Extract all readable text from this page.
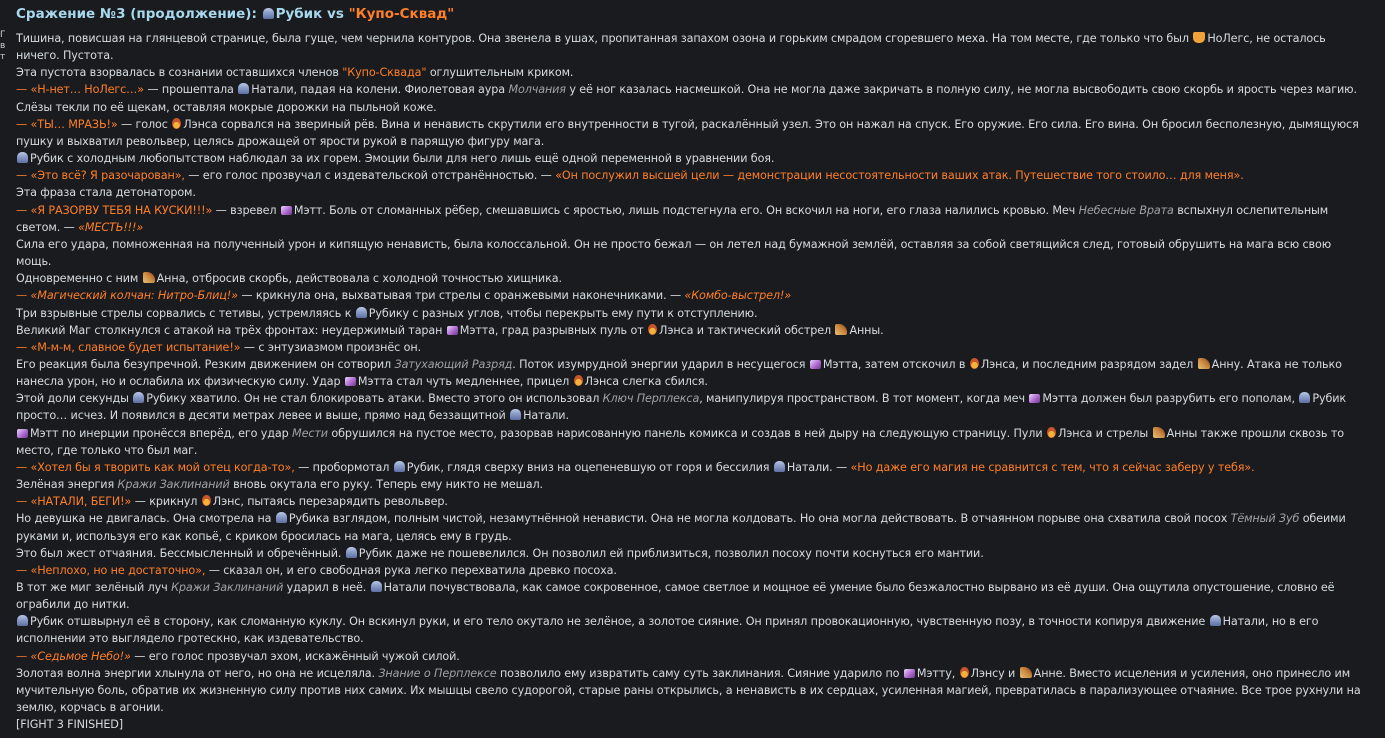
Г
в
т
Сражение №3 (продолжение): Рубик vs "Купо-Сквад"

Тишина, повисшая на глянцевой странице, была гуще, чем чернила контуров. Она звенела в ушах, пропитанная запахом озона и горьким смрадом сгоревшего меха. На том месте, где только что был НоЛегс, не осталось ничего. Пустота.

Эта пустота взорвалась в сознании оставшихся членов "Купо-Сквада" оглушительным криком.

— «Н-нет… НоЛегс…» — прошептала Натали, падая на колени. Фиолетовая аура Молчания у её ног казалась насмешкой. Она не могла даже закричать в полную силу, не могла высвободить свою скорбь и ярость через магию. Слёзы текли по её щекам, оставляя мокрые дорожки на пыльной коже.

— «ТЫ… МРАЗЬ!» — голос Лэнса сорвался на звериный рёв. Вина и ненависть скрутили его внутренности в тугой, раскалённый узел. Это он нажал на спуск. Его оружие. Его сила. Его вина. Он бросил бесполезную, дымящуюся пушку и выхватил револьвер, целясь дрожащей от ярости рукой в парящую фигуру мага.

Рубик с холодным любопытством наблюдал за их горем. Эмоции были для него лишь ещё одной переменной в уравнении боя.

— «Это всё? Я разочарован», — его голос прозвучал с издевательской отстранённостью. — «Он послужил высшей цели — демонстрации несостоятельности ваших атак. Путешествие того стоило… для меня».

Эта фраза стала детонатором.

— «Я РАЗОРВУ ТЕБЯ НА КУСКИ!!!» — взревел Мэтт. Боль от сломанных рёбер, смешавшись с яростью, лишь подстегнула его. Он вскочил на ноги, его глаза налились кровью. Меч Небесные Врата вспыхнул ослепительным светом. — «МЕСТЬ!!!»

Сила его удара, помноженная на полученный урон и кипящую ненависть, была колоссальной. Он не просто бежал — он летел над бумажной землёй, оставляя за собой светящийся след, готовый обрушить на мага всю свою мощь.

Одновременно с ним Анна, отбросив скорбь, действовала с холодной точностью хищника.

— «Магический колчан: Нитро-Блиц!» — крикнула она, выхватывая три стрелы с оранжевыми наконечниками. — «Комбо-выстрел!»

Три взрывные стрелы сорвались с тетивы, устремляясь к Рубику с разных углов, чтобы перекрыть ему пути к отступлению.

Великий Маг столкнулся с атакой на трёх фронтах: неудержимый таран Мэтта, град разрывных пуль от Лэнса и тактический обстрел Анны.

— «М-м-м, славное будет испытание!» — с энтузиазмом произнёс он.

Его реакция была безупречной. Резким движением он сотворил Затухающий Разряд. Поток изумрудной энергии ударил в несущегося Мэтта, затем отскочил в Лэнса, и последним разрядом задел Анну. Атака не только нанесла урон, но и ослабила их физическую силу. Удар Мэтта стал чуть медленнее, прицел Лэнса слегка сбился.

Этой доли секунды Рубику хватило. Он не стал блокировать атаки. Вместо этого он использовал Ключ Перплекса, манипулируя пространством. В тот момент, когда меч Мэтта должен был разрубить его пополам, Рубик просто… исчез. И появился в десяти метрах левее и выше, прямо над беззащитной Натали.

Мэтт по инерции пронёсся вперёд, его удар Мести обрушился на пустое место, разорвав нарисованную панель комикса и создав в ней дыру на следующую страницу. Пули Лэнса и стрелы Анны также прошли сквозь то место, где только что был маг.

— «Хотел бы я творить как мой отец когда-то», — пробормотал Рубик, глядя сверху вниз на оцепеневшую от горя и бессилия Натали. — «Но даже его магия не сравнится с тем, что я сейчас заберу у тебя».

Зелёная энергия Кражи Заклинаний вновь окутала его руку. Теперь ему никто не мешал.

— «НАТАЛИ, БЕГИ!» — крикнул Лэнс, пытаясь перезарядить револьвер.

Но девушка не двигалась. Она смотрела на Рубика взглядом, полным чистой, незамутнённой ненависти. Она не могла колдовать. Но она могла действовать. В отчаянном порыве она схватила свой посох Тёмный Зуб обеими руками и, используя его как копьё, с криком бросилась на мага, целясь ему в грудь.

Это был жест отчаяния. Бессмысленный и обречённый. Рубик даже не пошевелился. Он позволил ей приблизиться, позволил посоху почти коснуться его мантии.

— «Неплохо, но не достаточно», — сказал он, и его свободная рука легко перехватила древко посоха.

В тот же миг зелёный луч Кражи Заклинаний ударил в неё. Натали почувствовала, как самое сокровенное, самое светлое и мощное её умение было безжалостно вырвано из её души. Она ощутила опустошение, словно её ограбили до нитки.

Рубик отшвырнул её в сторону, как сломанную куклу. Он вскинул руки, и его тело окутало не зелёное, а золотое сияние. Он принял провокационную, чувственную позу, в точности копируя движение Натали, но в его исполнении это выглядело гротескно, как издевательство.

— «Седьмое Небо!» — его голос прозвучал эхом, искажённый чужой силой.

Золотая волна энергии хлынула от него, но она не исцеляла. Знание о Перплексе позволило ему извратить саму суть заклинания. Сияние ударило по Мэтту, Лэнсу и Анне. Вместо исцеления и усиления, оно принесло им мучительную боль, обратив их жизненную силу против них самих. Их мышцы свело судорогой, старые раны открылись, а ненависть в их сердцах, усиленная магией, превратилась в парализующее отчаяние. Все трое рухнули на землю, корчась в агонии.

[FIGHT 3 FINISHED]
